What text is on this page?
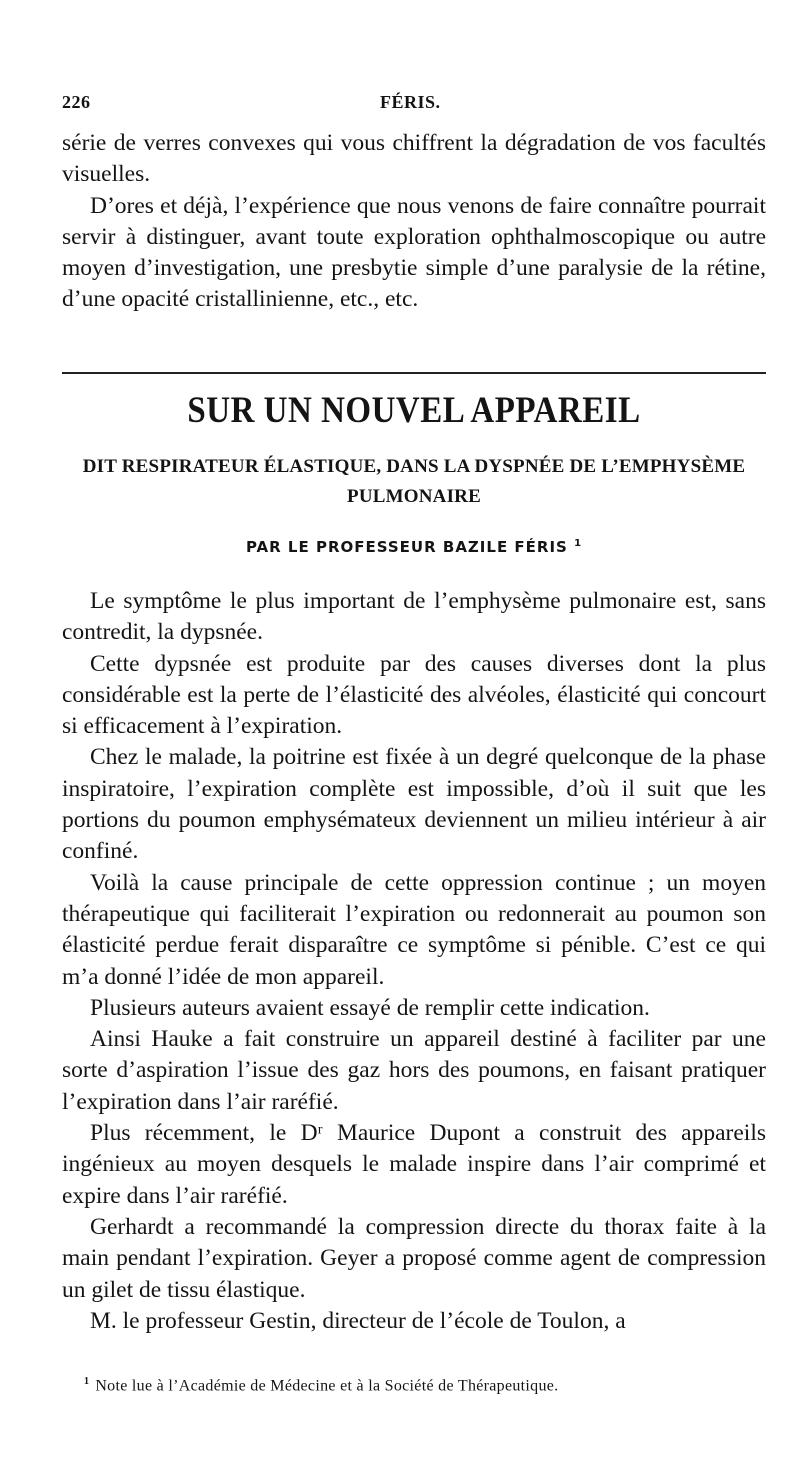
226	FÉRIS.

série de verres convexes qui vous chiffrent la dégradation de vos facultés visuelles.

D’ores et déjà, l’expérience que nous venons de faire connaître pourrait servir à distinguer, avant toute exploration ophthalmoscopique ou autre moyen d’investigation, une presbytie simple d’une paralysie de la rétine, d’une opacité cristallinienne, etc., etc.

SUR UN NOUVEL APPAREIL
DIT RESPIRATEUR ÉLASTIQUE, DANS LA DYSPNÉE DE L’EMPHYSÈME
PULMONAIRE
PAR LE PROFESSEUR BAZILE FÉRIS $^1$

Le symptôme le plus important de l’emphysème pulmonaire est, sans contredit, la dypsnée.

Cette dypsnée est produite par des causes diverses dont la plus considérable est la perte de l’élasticité des alvéoles, élasticité qui concourt si efficacement à l’expiration.

Chez le malade, la poitrine est fixée à un degré quelconque de la phase inspiratoire, l’expiration complète est impossible, d’où il suit que les portions du poumon emphysémateux deviennent un milieu intérieur à air confiné.

Voilà la cause principale de cette oppression continue ; un moyen thérapeutique qui faciliterait l’expiration ou redonnerait au poumon son élasticité perdue ferait disparaître ce symptôme si pénible. C’est ce qui m’a donné l’idée de mon appareil.

Plusieurs auteurs avaient essayé de remplir cette indication.

Ainsi Hauke a fait construire un appareil destiné à faciliter par une sorte d’aspiration l’issue des gaz hors des poumons, en faisant pratiquer l’expiration dans l’air raréfié.

Plus récemment, le Dʳ Maurice Dupont a construit des appareils ingénieux au moyen desquels le malade inspire dans l’air comprimé et expire dans l’air raréfié.

Gerhardt a recommandé la compression directe du thorax faite à la main pendant l’expiration. Geyer a proposé comme agent de compression un gilet de tissu élastique.

M. le professeur Gestin, directeur de l’école de Toulon, a

$^1$ Note lue à l’Académie de Médecine et à la Société de Thérapeutique.
